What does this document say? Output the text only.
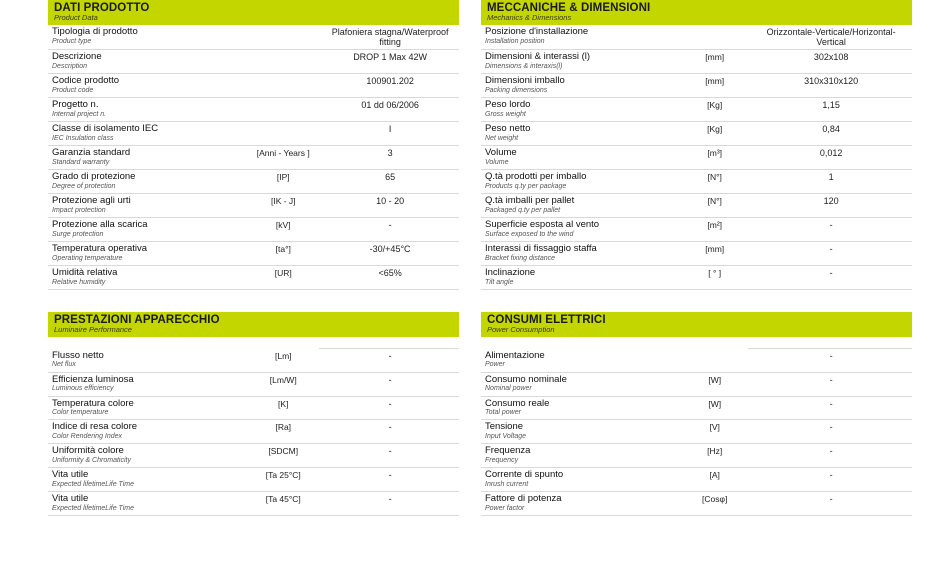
DATI PRODOTTO
Product Data
Tipologia di prodotto
Product type		Plafoniera stagna/Waterproof fitting

Descrizione
Description		DROP 1 Max 42W

Codice prodotto
Product code		100901.202

Progetto n.
Internal project n.		01 dd 06/2006

Classe di isolamento IEC
IEC Insulation class		I

Garanzia standard
Standard warranty	[Anni - Years ]	3

Grado di protezione
Degree of protection	[IP]	65

Protezione agli urti
Impact protection	[IK - J]	10 - 20

Protezione alla scarica
Surge protection	[kV]	-

Temperatura operativa
Operating temperature	[ta°]	-30/+45°C

Umidità relativa
Relative humidity	[UR]	<65%
PRESTAZIONI APPARECCHIO
Luminaire Performance

Flusso netto
Net flux	[Lm]	-

Efficienza luminosa
Luminous efficiency	[Lm/W]	-

Temperatura colore
Color temperature	[K]	-

Indice di resa colore
Color Rendering Index	[Ra]	-

Uniformità colore
Uniformity & Chromaticity	[SDCM]	-

Vita utile
Expected lifetimeLife Time	[Ta 25°C]	-

Vita utile
Expected lifetimeLife Time	[Ta 45°C]	-
MECCANICHE & DIMENSIONI
Mechanics & Dimensions
Posizione d'installazione
Installation position		Orizzontale-Verticale/Horizontal-Vertical

Dimensioni & interassi (l)
Dimensions & interaxis(l)	[mm]	302x108

Dimensioni imballo
Packing dimensions	[mm]	310x310x120

Peso lordo
Gross weight	[Kg]	1,15

Peso netto
Net weight	[Kg]	0,84

Volume
Volume	[m³]	0,012

Q.tà prodotti per imballo
Products q.ty per package	[N°]	1

Q.tà imballi per pallet
Packaged q.ty per pallet	[N°]	120

Superficie esposta al vento
Surface exposed to the wind	[m²]	-

Interassi di fissaggio staffa
Bracket fixing distance	[mm]	-

Inclinazione
Tilt angle	[ ° ]	-
CONSUMI ELETTRICI
Power Consumption

Alimentazione
Power		-

Consumo nominale
Nominal power	[W]	-

Consumo reale
Total power	[W]	-

Tensione
Input Voltage	[V]	-

Frequenza
Frequency	[Hz]	-

Corrente di spunto
Inrush current	[A]	-

Fattore di potenza
Power factor	[Cosφ]	-
